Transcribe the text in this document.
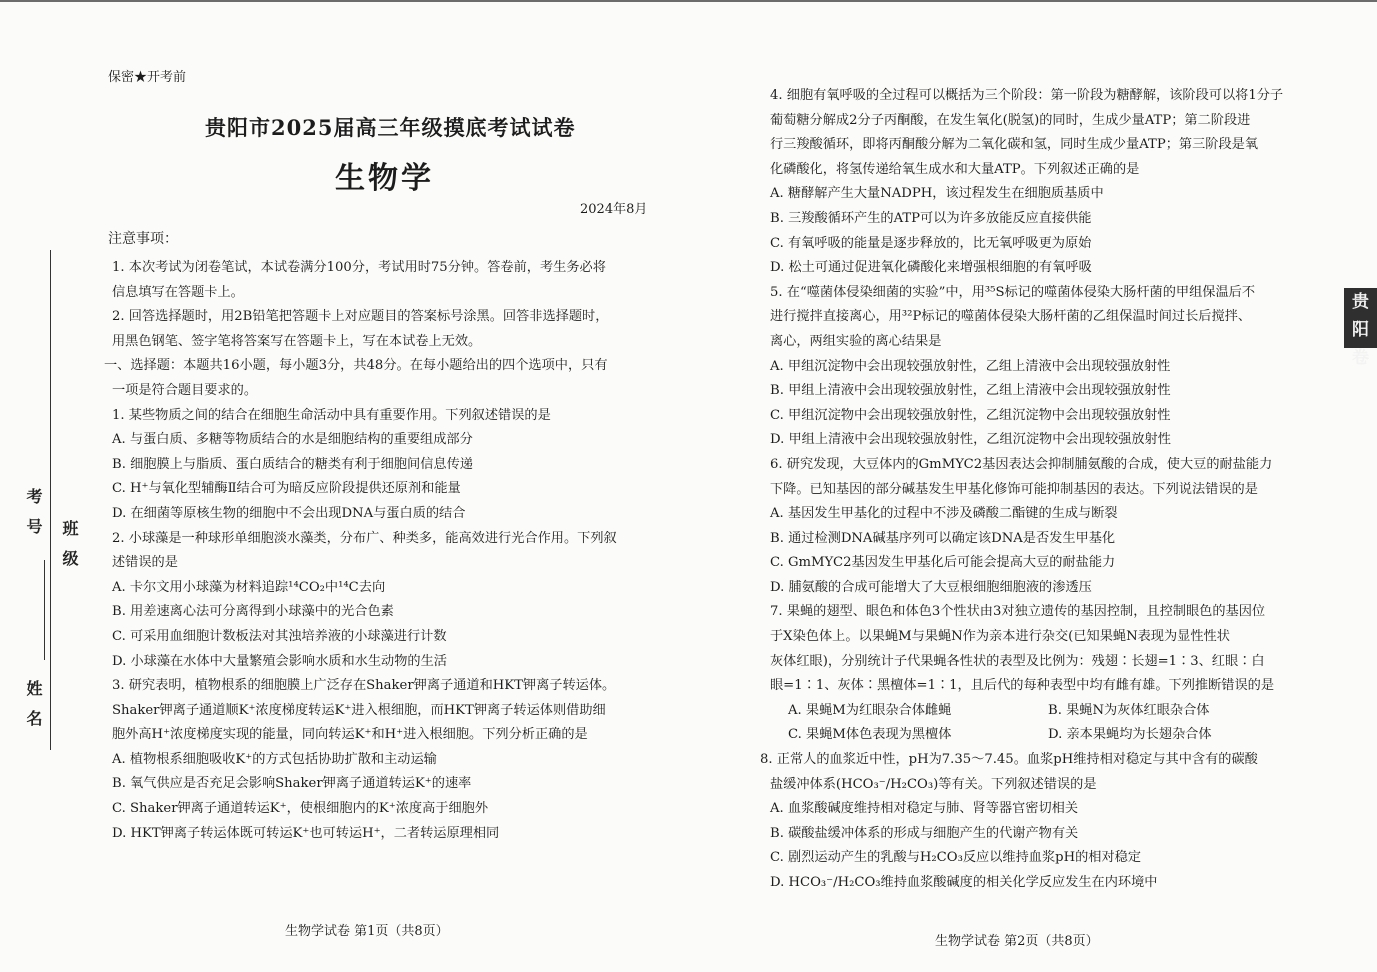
考号
姓名
班级
保密★开考前
贵阳市2025届高三年级摸底考试试卷
生物学
2024年8月
注意事项：

1. 本次考试为闭卷笔试，本试卷满分100分，考试用时75分钟。答卷前，考生务必将

信息填写在答题卡上。

2. 回答选择题时，用2B铅笔把答题卡上对应题目的答案标号涂黑。回答非选择题时，

用黑色钢笔、签字笔将答案写在答题卡上，写在本试卷上无效。

一、选择题：本题共16小题，每小题3分，共48分。在每小题给出的四个选项中，只有

一项是符合题目要求的。

1. 某些物质之间的结合在细胞生命活动中具有重要作用。下列叙述错误的是

A. 与蛋白质、多糖等物质结合的水是细胞结构的重要组成部分

B. 细胞膜上与脂质、蛋白质结合的糖类有利于细胞间信息传递

C. H⁺与氧化型辅酶Ⅱ结合可为暗反应阶段提供还原剂和能量

D. 在细菌等原核生物的细胞中不会出现DNA与蛋白质的结合

2. 小球藻是一种球形单细胞淡水藻类，分布广、种类多，能高效进行光合作用。下列叙

述错误的是

A. 卡尔文用小球藻为材料追踪¹⁴CO₂中¹⁴C去向

B. 用差速离心法可分离得到小球藻中的光合色素

C. 可采用血细胞计数板法对其浊培养液的小球藻进行计数

D. 小球藻在水体中大量繁殖会影响水质和水生动物的生活

3. 研究表明，植物根系的细胞膜上广泛存在Shaker钾离子通道和HKT钾离子转运体。

Shaker钾离子通道顺K⁺浓度梯度转运K⁺进入根细胞，而HKT钾离子转运体则借助细

胞外高H⁺浓度梯度实现的能量，同向转运K⁺和H⁺进入根细胞。下列分析正确的是

A. 植物根系细胞吸收K⁺的方式包括协助扩散和主动运输

B. 氧气供应是否充足会影响Shaker钾离子通道转运K⁺的速率

C. Shaker钾离子通道转运K⁺，使根细胞内的K⁺浓度高于细胞外

D. HKT钾离子转运体既可转运K⁺也可转运H⁺，二者转运原理相同

4. 细胞有氧呼吸的全过程可以概括为三个阶段：第一阶段为糖酵解，该阶段可以将1分子

葡萄糖分解成2分子丙酮酸，在发生氧化(脱氢)的同时，生成少量ATP；第二阶段进

行三羧酸循环，即将丙酮酸分解为二氧化碳和氢，同时生成少量ATP；第三阶段是氧

化磷酸化，将氢传递给氧生成水和大量ATP。下列叙述正确的是

A. 糖酵解产生大量NADPH，该过程发生在细胞质基质中

B. 三羧酸循环产生的ATP可以为许多放能反应直接供能

C. 有氧呼吸的能量是逐步释放的，比无氧呼吸更为原始

D. 松土可通过促进氧化磷酸化来增强根细胞的有氧呼吸

5. 在“噬菌体侵染细菌的实验”中，用³⁵S标记的噬菌体侵染大肠杆菌的甲组保温后不

进行搅拌直接离心，用³²P标记的噬菌体侵染大肠杆菌的乙组保温时间过长后搅拌、

离心，两组实验的离心结果是

A. 甲组沉淀物中会出现较强放射性，乙组上清液中会出现较强放射性

B. 甲组上清液中会出现较强放射性，乙组上清液中会出现较强放射性

C. 甲组沉淀物中会出现较强放射性，乙组沉淀物中会出现较强放射性

D. 甲组上清液中会出现较强放射性，乙组沉淀物中会出现较强放射性

6. 研究发现，大豆体内的GmMYC2基因表达会抑制脯氨酸的合成，使大豆的耐盐能力

下降。已知基因的部分碱基发生甲基化修饰可能抑制基因的表达。下列说法错误的是

A. 基因发生甲基化的过程中不涉及磷酸二酯键的生成与断裂

B. 通过检测DNA碱基序列可以确定该DNA是否发生甲基化

C. GmMYC2基因发生甲基化后可能会提高大豆的耐盐能力

D. 脯氨酸的合成可能增大了大豆根细胞细胞液的渗透压

7. 果蝇的翅型、眼色和体色3个性状由3对独立遗传的基因控制，且控制眼色的基因位

于X染色体上。以果蝇M与果蝇N作为亲本进行杂交(已知果蝇N表现为显性性状

灰体红眼)，分别统计子代果蝇各性状的表型及比例为：残翅∶长翅=1∶3、红眼∶白

眼=1∶1、灰体∶黑檀体=1∶1，且后代的每种表型中均有雌有雄。下列推断错误的是

A. 果蝇M为红眼杂合体雌蝇	B. 果蝇N为灰体红眼杂合体
C. 果蝇M体色表现为黑檀体	D. 亲本果蝇均为长翅杂合体

8. 正常人的血浆近中性，pH为7.35～7.45。血浆pH维持相对稳定与其中含有的碳酸

盐缓冲体系(HCO₃⁻/H₂CO₃)等有关。下列叙述错误的是

A. 血浆酸碱度维持相对稳定与肺、肾等器官密切相关

B. 碳酸盐缓冲体系的形成与细胞产生的代谢产物有关

C. 剧烈运动产生的乳酸与H₂CO₃反应以维持血浆pH的相对稳定

D. HCO₃⁻/H₂CO₃维持血浆酸碱度的相关化学反应发生在内环境中

贵阳卷
生物学试卷 第1页（共8页）
生物学试卷 第2页（共8页）
